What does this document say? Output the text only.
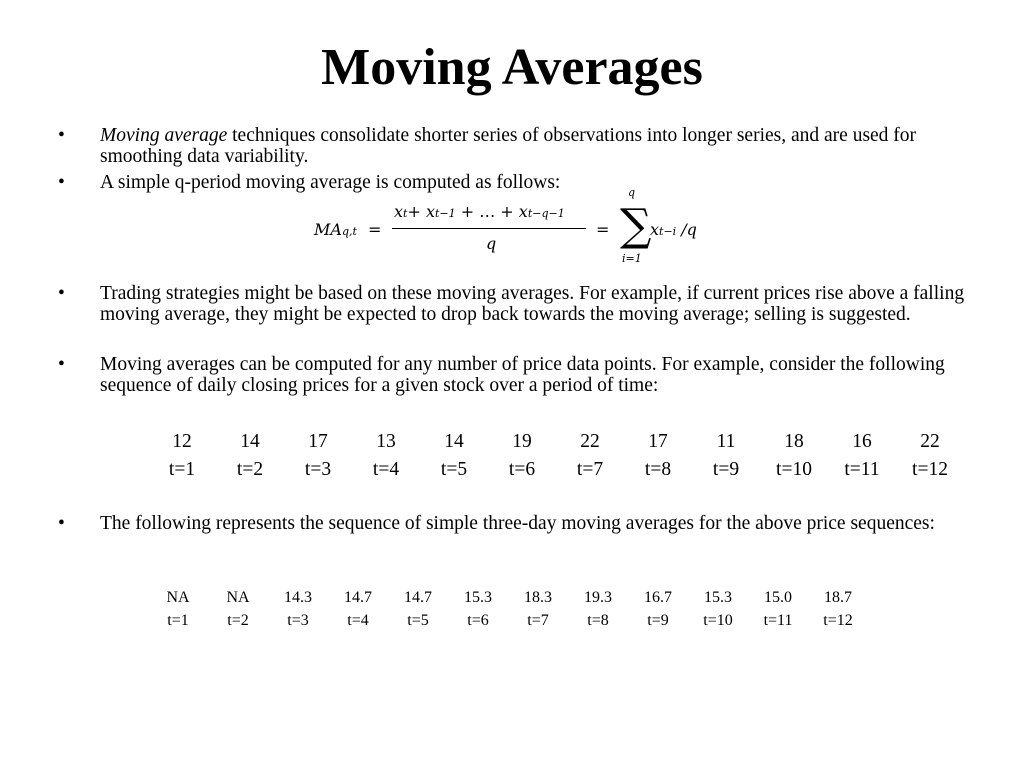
Moving Averages
• Moving average techniques consolidate shorter series of observations into longer series, and are used for smoothing data variability.
• A simple q-period moving average is computed as follows:
MAq,t =
xt+ xt−1 + … + xt−q−1
q
=
q
∑
i=1
xt−i /q
• Trading strategies might be based on these moving averages. For example, if current prices rise above a falling moving average, they might be expected to drop back towards the moving average; selling is suggested.
• Moving averages can be computed for any number of price data points. For example, consider the following sequence of daily closing prices for a given stock over a period of time:
12	14	17	13	14	19	22	17	11	18	16	22
t=1	t=2	t=3	t=4	t=5	t=6	t=7	t=8	t=9	t=10	t=11	t=12
• The following represents the sequence of simple three-day moving averages for the above price sequences:
NA	NA	14.3	14.7	14.7	15.3	18.3	19.3	16.7	15.3	15.0	18.7
t=1	t=2	t=3	t=4	t=5	t=6	t=7	t=8	t=9	t=10	t=11	t=12
